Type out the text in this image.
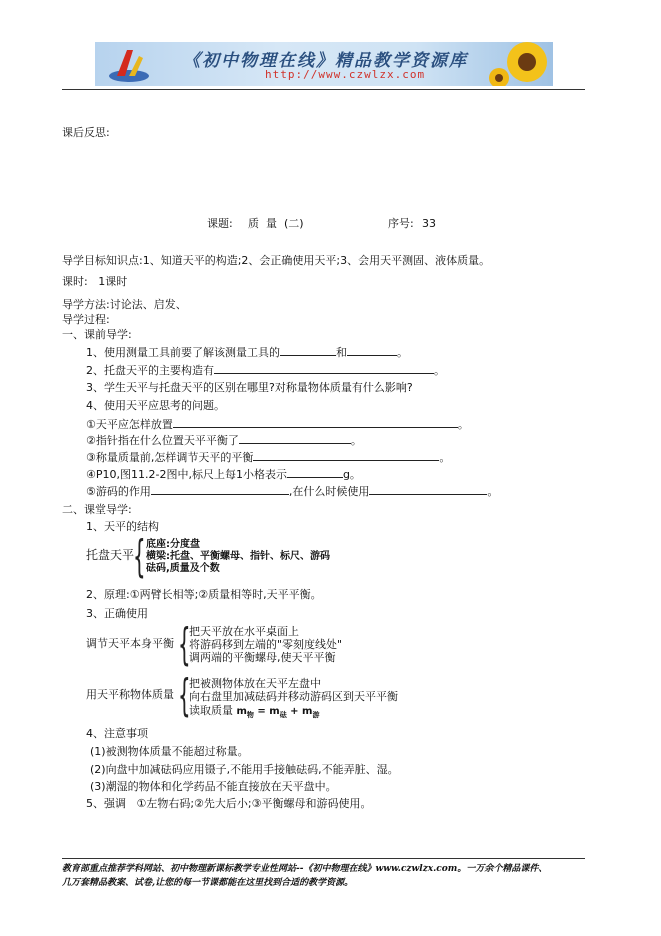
《初中物理在线》精品教学资源库
http://www.czwlzx.com
课后反思:
课题: 质  量  (二)	序号: 33
导学目标知识点:1、知道天平的构造;2、会正确使用天平;3、会用天平测固、液体质量。
课时:   1课时
导学方法:讨论法、启发、
导学过程:
一、课前导学:
1、使用测量工具前要了解该测量工具的	和	。
2、托盘天平的主要构造有	。
3、学生天平与托盘天平的区别在哪里?对称量物体质量有什么影响?
4、使用天平应思考的问题。
①天平应怎样放置	。
②指针指在什么位置天平平衡了	。
③称量质量前,怎样调节天平的平衡	。
④P10,图11.2-2图中,标尺上每1小格表示	g。
⑤游码的作用	,在什么时候使用	。
二、课堂导学:
1、天平的结构
托盘天平
{ 底座:分度盘
横梁:托盘、平衡螺母、指针、标尺、游码
砝码,质量及个数
2、原理:①两臂长相等;②质量相等时,天平平衡。
3、正确使用
调节天平本身平衡 {
把天平放在水平桌面上
将游码移到左端的"零刻度线处"
调两端的平衡螺母,使天平平衡
用天平称物体质量 {
把被测物体放在天平左盘中
向右盘里加减砝码并移动游码区到天平平衡
读取质量 $m_物 = m_砝 + m_游$
4、注意事项
(1)被测物体质量不能超过称量。
(2)向盘中加减砝码应用镊子,不能用手接触砝码,不能弄脏、湿。
(3)潮湿的物体和化学药品不能直接放在天平盘中。
5、强调   ①左物右码;②先大后小;③平衡螺母和游码使用。
教育部重点推荐学科网站、初中物理新课标教学专业性网站--《初中物理在线》www.czwlzx.com。一万余个精品课件、
几万套精品教案、试卷,让您的每一节课都能在这里找到合适的教学资源。
